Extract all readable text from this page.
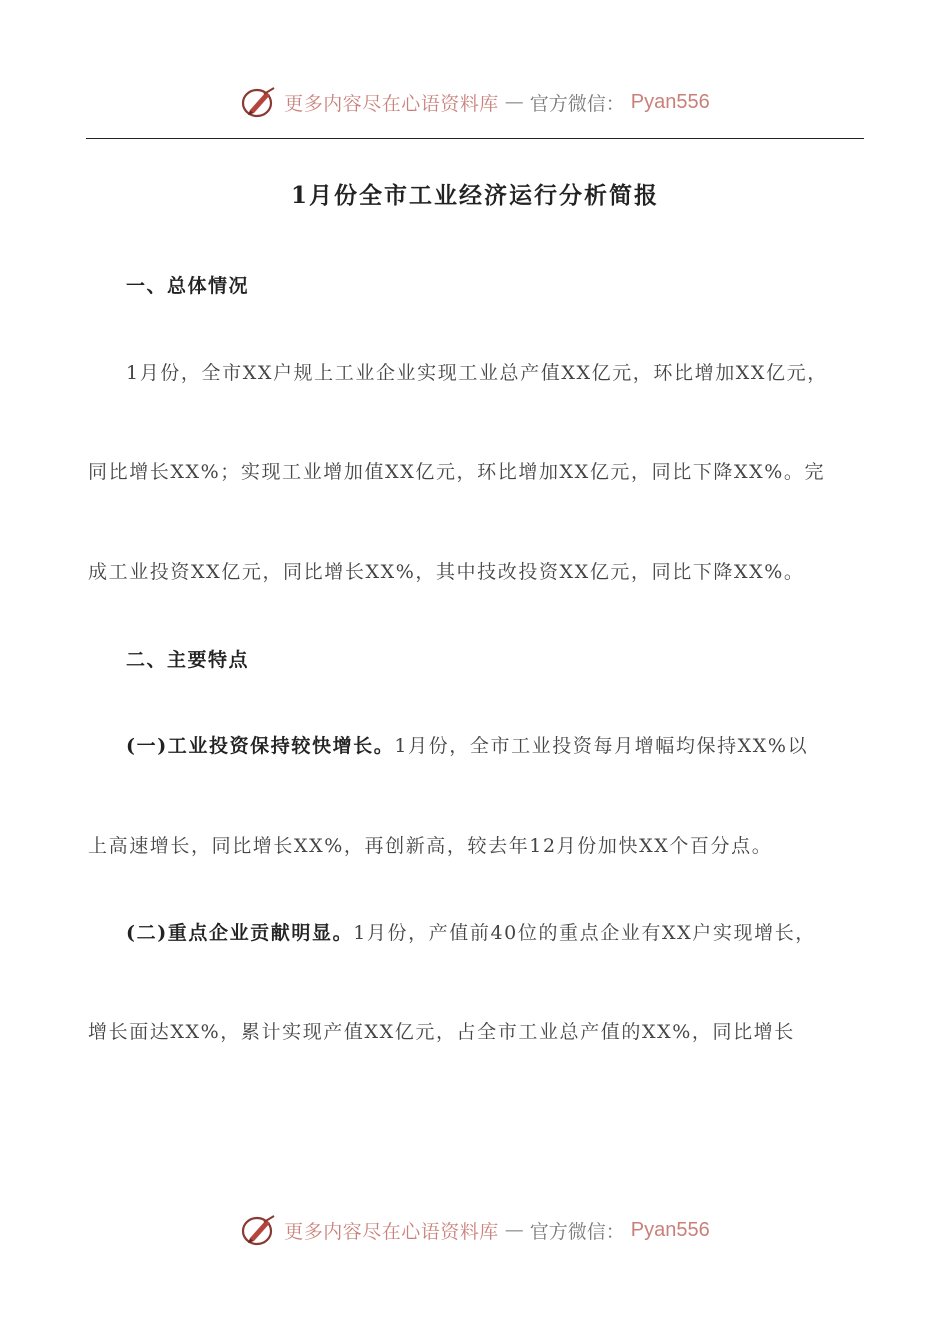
更多内容尽在心语资料库 — 官方微信： Pyan556
1月份全市工业经济运行分析简报
一、总体情况
1月份，全市XX户规上工业企业实现工业总产值XX亿元，环比增加XX亿元，
同比增长XX%；实现工业增加值XX亿元，环比增加XX亿元，同比下降XX%。完
成工业投资XX亿元，同比增长XX%，其中技改投资XX亿元，同比下降XX%。
二、主要特点
(一)工业投资保持较快增长。1月份，全市工业投资每月增幅均保持XX%以
上高速增长，同比增长XX%，再创新高，较去年12月份加快XX个百分点。
(二)重点企业贡献明显。1月份，产值前40位的重点企业有XX户实现增长，
增长面达XX%，累计实现产值XX亿元，占全市工业总产值的XX%，同比增长
更多内容尽在心语资料库 — 官方微信： Pyan556
